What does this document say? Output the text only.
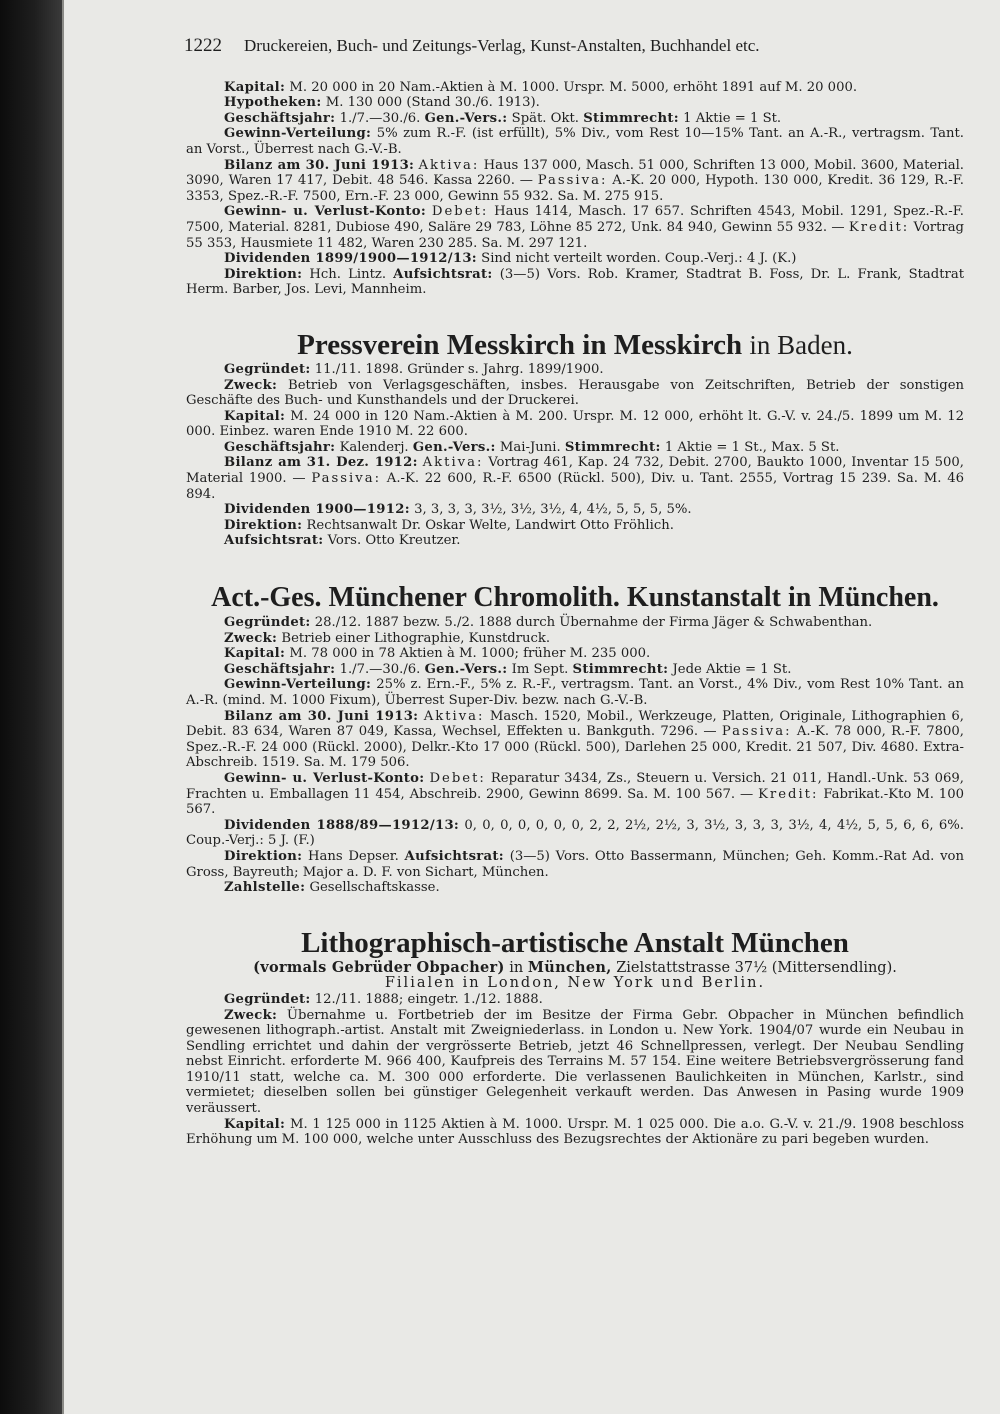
1222 Druckereien, Buch- und Zeitungs-Verlag, Kunst-Anstalten, Buchhandel etc.

Kapital: M. 20 000 in 20 Nam.-Aktien à M. 1000. Urspr. M. 5000, erhöht 1891 auf M. 20 000.

Hypotheken: M. 130 000 (Stand 30./6. 1913).

Geschäftsjahr: 1./7.—30./6. Gen.-Vers.: Spät. Okt. Stimmrecht: 1 Aktie = 1 St.

Gewinn-Verteilung: 5% zum R.-F. (ist erfüllt), 5% Div., vom Rest 10—15% Tant. an A.-R., vertragsm. Tant. an Vorst., Überrest nach G.-V.-B.

Bilanz am 30. Juni 1913: Aktiva: Haus 137 000, Masch. 51 000, Schriften 13 000, Mobil. 3600, Material. 3090, Waren 17 417, Debit. 48 546. Kassa 2260. — Passiva: A.-K. 20 000, Hypoth. 130 000, Kredit. 36 129, R.-F. 3353, Spez.-R.-F. 7500, Ern.-F. 23 000, Gewinn 55 932. Sa. M. 275 915.

Gewinn- u. Verlust-Konto: Debet: Haus 1414, Masch. 17 657. Schriften 4543, Mobil. 1291, Spez.-R.-F. 7500, Material. 8281, Dubiose 490, Saläre 29 783, Löhne 85 272, Unk. 84 940, Gewinn 55 932. — Kredit: Vortrag 55 353, Hausmiete 11 482, Waren 230 285. Sa. M. 297 121.

Dividenden 1899/1900—1912/13: Sind nicht verteilt worden. Coup.-Verj.: 4 J. (K.)

Direktion: Hch. Lintz. Aufsichtsrat: (3—5) Vors. Rob. Kramer, Stadtrat B. Foss, Dr. L. Frank, Stadtrat Herm. Barber, Jos. Levi, Mannheim.

Pressverein Messkirch in Messkirch in Baden.

Gegründet: 11./11. 1898. Gründer s. Jahrg. 1899/1900.

Zweck: Betrieb von Verlagsgeschäften, insbes. Herausgabe von Zeitschriften, Betrieb der sonstigen Geschäfte des Buch- und Kunsthandels und der Druckerei.

Kapital: M. 24 000 in 120 Nam.-Aktien à M. 200. Urspr. M. 12 000, erhöht lt. G.-V. v. 24./5. 1899 um M. 12 000. Einbez. waren Ende 1910 M. 22 600.

Geschäftsjahr: Kalenderj. Gen.-Vers.: Mai-Juni. Stimmrecht: 1 Aktie = 1 St., Max. 5 St.

Bilanz am 31. Dez. 1912: Aktiva: Vortrag 461, Kap. 24 732, Debit. 2700, Baukto 1000, Inventar 15 500, Material 1900. — Passiva: A.-K. 22 600, R.-F. 6500 (Rückl. 500), Div. u. Tant. 2555, Vortrag 15 239. Sa. M. 46 894.

Dividenden 1900—1912: 3, 3, 3, 3, 3½, 3½, 3½, 4, 4½, 5, 5, 5, 5%.

Direktion: Rechtsanwalt Dr. Oskar Welte, Landwirt Otto Fröhlich.

Aufsichtsrat: Vors. Otto Kreutzer.

Act.-Ges. Münchener Chromolith. Kunstanstalt in München.

Gegründet: 28./12. 1887 bezw. 5./2. 1888 durch Übernahme der Firma Jäger & Schwabenthan.

Zweck: Betrieb einer Lithographie, Kunstdruck.

Kapital: M. 78 000 in 78 Aktien à M. 1000; früher M. 235 000.

Geschäftsjahr: 1./7.—30./6. Gen.-Vers.: Im Sept. Stimmrecht: Jede Aktie = 1 St.

Gewinn-Verteilung: 25% z. Ern.-F., 5% z. R.-F., vertragsm. Tant. an Vorst., 4% Div., vom Rest 10% Tant. an A.-R. (mind. M. 1000 Fixum), Überrest Super-Div. bezw. nach G.-V.-B.

Bilanz am 30. Juni 1913: Aktiva: Masch. 1520, Mobil., Werkzeuge, Platten, Originale, Lithographien 6, Debit. 83 634, Waren 87 049, Kassa, Wechsel, Effekten u. Bankguth. 7296. — Passiva: A.-K. 78 000, R.-F. 7800, Spez.-R.-F. 24 000 (Rückl. 2000), Delkr.-Kto 17 000 (Rückl. 500), Darlehen 25 000, Kredit. 21 507, Div. 4680. Extra-Abschreib. 1519. Sa. M. 179 506.

Gewinn- u. Verlust-Konto: Debet: Reparatur 3434, Zs., Steuern u. Versich. 21 011, Handl.-Unk. 53 069, Frachten u. Emballagen 11 454, Abschreib. 2900, Gewinn 8699. Sa. M. 100 567. — Kredit: Fabrikat.-Kto M. 100 567.

Dividenden 1888/89—1912/13: 0, 0, 0, 0, 0, 0, 0, 2, 2, 2½, 2½, 3, 3½, 3, 3, 3, 3½, 4, 4½, 5, 5, 6, 6, 6%. Coup.-Verj.: 5 J. (F.)

Direktion: Hans Depser. Aufsichtsrat: (3—5) Vors. Otto Bassermann, München; Geh. Komm.-Rat Ad. von Gross, Bayreuth; Major a. D. F. von Sichart, München.

Zahlstelle: Gesellschaftskasse.

Lithographisch-artistische Anstalt München

(vormals Gebrüder Obpacher) in München, Zielstattstrasse 37½ (Mittersendling).

Filialen in London, New York und Berlin.

Gegründet: 12./11. 1888; eingetr. 1./12. 1888.

Zweck: Übernahme u. Fortbetrieb der im Besitze der Firma Gebr. Obpacher in München befindlich gewesenen lithograph.-artist. Anstalt mit Zweigniederlass. in London u. New York. 1904/07 wurde ein Neubau in Sendling errichtet und dahin der vergrösserte Betrieb, jetzt 46 Schnellpressen, verlegt. Der Neubau Sendling nebst Einricht. erforderte M. 966 400, Kaufpreis des Terrains M. 57 154. Eine weitere Betriebsvergrösserung fand 1910/11 statt, welche ca. M. 300 000 erforderte. Die verlassenen Baulichkeiten in München, Karlstr., sind vermietet; dieselben sollen bei günstiger Gelegenheit verkauft werden. Das Anwesen in Pasing wurde 1909 veräussert.

Kapital: M. 1 125 000 in 1125 Aktien à M. 1000. Urspr. M. 1 025 000. Die a.o. G.-V. v. 21./9. 1908 beschloss Erhöhung um M. 100 000, welche unter Ausschluss des Bezugsrechtes der Aktionäre zu pari begeben wurden.
